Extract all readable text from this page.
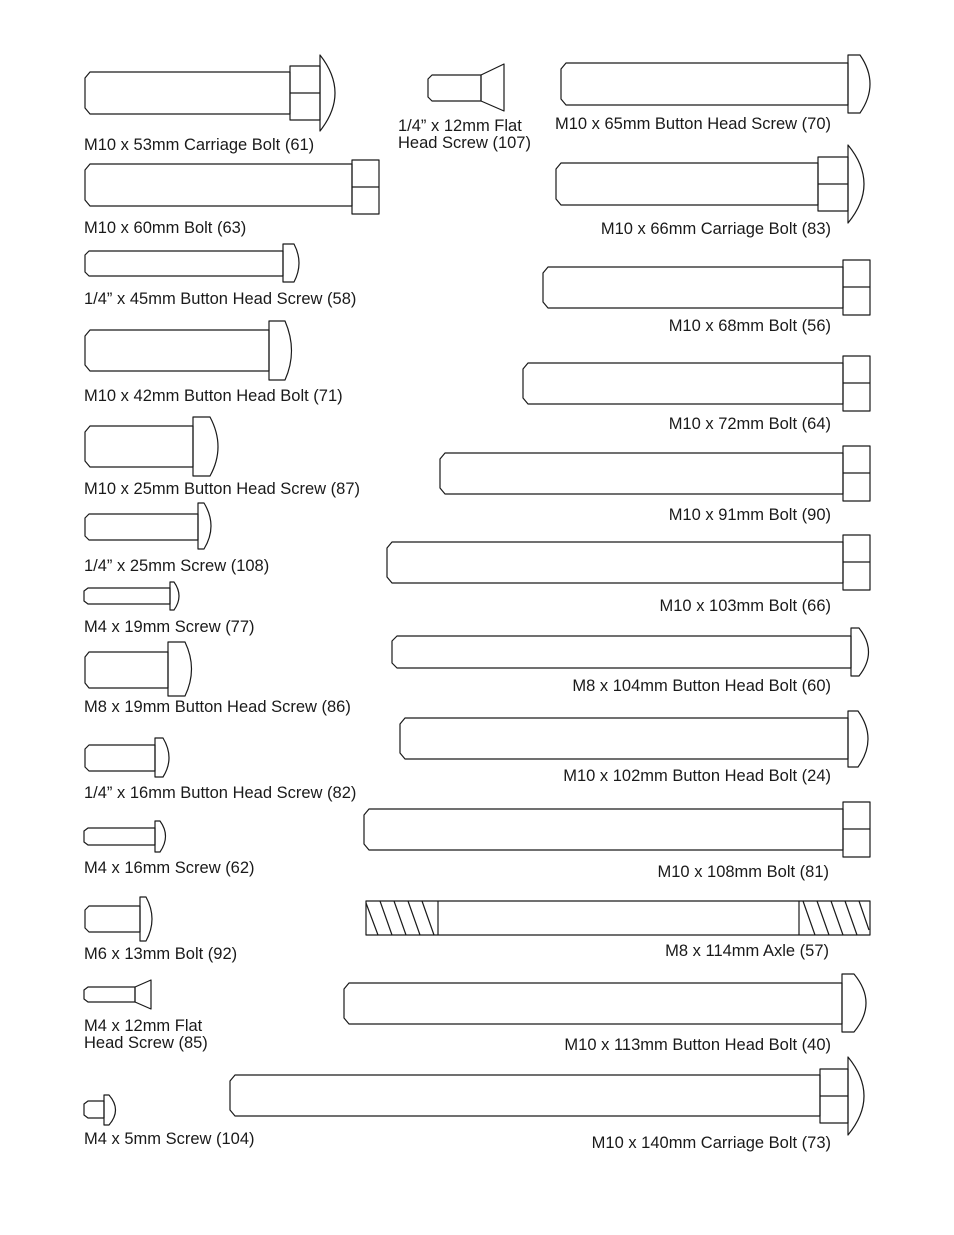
M10 x 53mm Carriage Bolt (61)
M10 x 60mm Bolt (63)
1/4” x 45mm Button Head Screw (58)
M10 x 42mm Button Head Bolt (71)
M10 x 25mm Button Head Screw (87)
1/4” x 25mm Screw (108)
M4 x 19mm Screw (77)
M8 x 19mm Button Head Screw (86)
1/4” x 16mm Button Head Screw (82)
M4 x 16mm Screw (62)
M6 x 13mm Bolt (92)
M4 x 12mm Flat
Head Screw (85)
M4 x 5mm Screw (104)
1/4” x 12mm Flat
Head Screw (107)
M10 x 65mm Button Head Screw (70)
M10 x 66mm Carriage Bolt (83)
M10 x 68mm Bolt (56)
M10 x 72mm Bolt (64)
M10 x 91mm Bolt (90)
M10 x 103mm Bolt (66)
M8 x 104mm Button Head Bolt (60)
M10 x 102mm Button Head Bolt (24)
M10 x 108mm Bolt (81)
M8 x 114mm Axle (57)
M10 x 113mm Button Head Bolt (40)
M10 x 140mm Carriage Bolt (73)
